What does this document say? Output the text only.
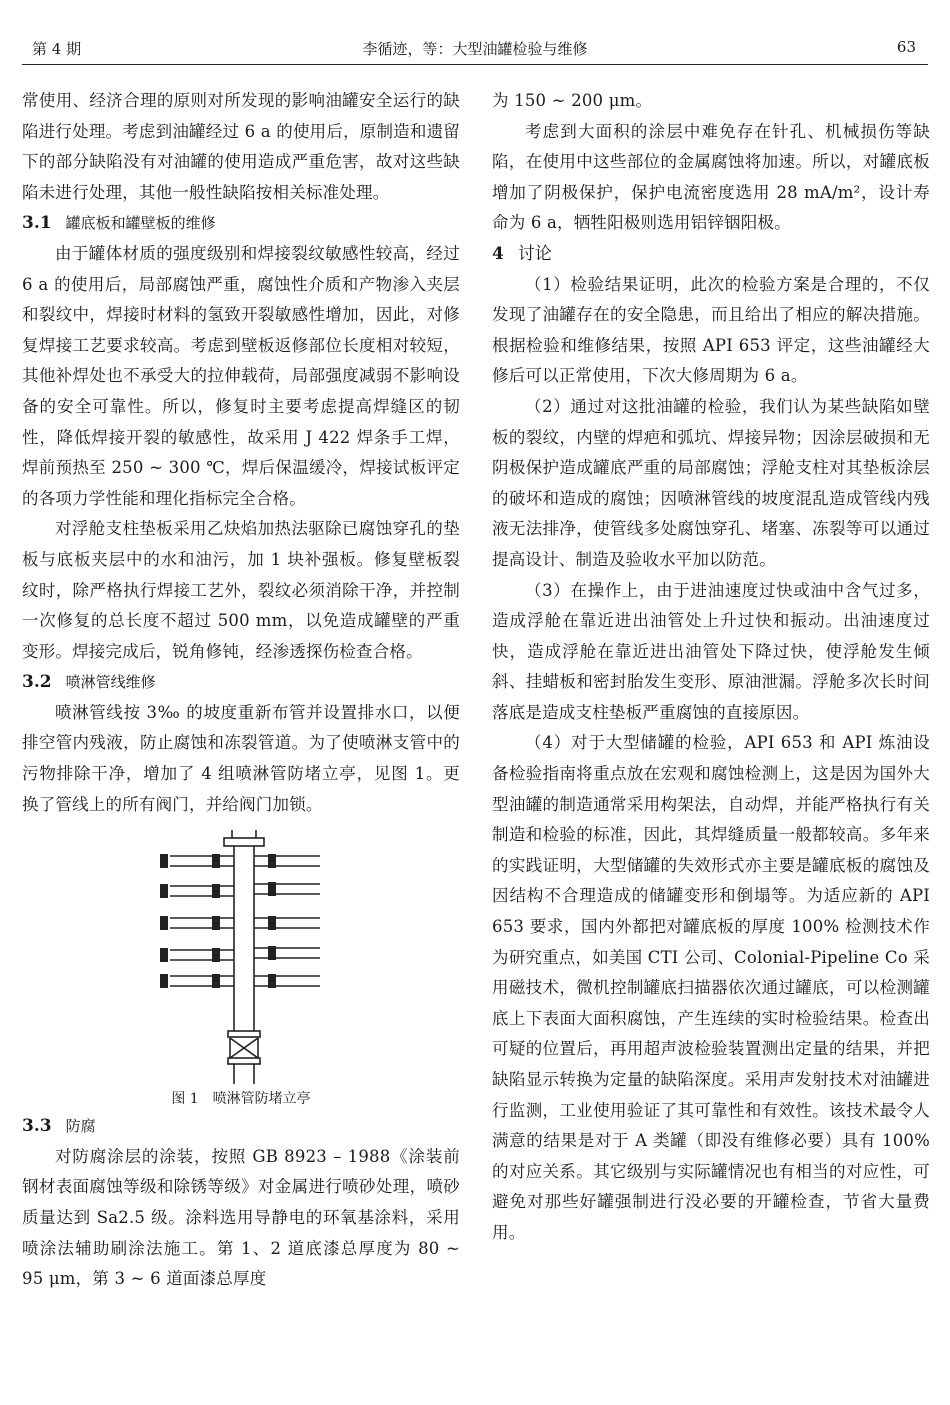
第 4 期	李循迹，等：大型油罐检验与维修	63

常使用、经济合理的原则对所发现的影响油罐安全运行的缺陷进行处理。考虑到油罐经过 6 a 的使用后，原制造和遗留下的部分缺陷没有对油罐的使用造成严重危害，故对这些缺陷未进行处理，其他一般性缺陷按相关标准处理。

3.1 罐底板和罐壁板的维修

由于罐体材质的强度级别和焊接裂纹敏感性较高，经过 6 a 的使用后，局部腐蚀严重，腐蚀性介质和产物渗入夹层和裂纹中，焊接时材料的氢致开裂敏感性增加，因此，对修复焊接工艺要求较高。考虑到壁板返修部位长度相对较短，其他补焊处也不承受大的拉伸载荷，局部强度减弱不影响设备的安全可靠性。所以，修复时主要考虑提高焊缝区的韧性，降低焊接开裂的敏感性，故采用 J 422 焊条手工焊，焊前预热至 250 ~ 300 ℃，焊后保温缓冷，焊接试板评定的各项力学性能和理化指标完全合格。

对浮舱支柱垫板采用乙炔焰加热法驱除已腐蚀穿孔的垫板与底板夹层中的水和油污，加 1 块补强板。修复壁板裂纹时，除严格执行焊接工艺外，裂纹必须消除干净，并控制一次修复的总长度不超过 500 mm，以免造成罐壁的严重变形。焊接完成后，锐角修钝，经渗透探伤检查合格。

3.2 喷淋管线维修

喷淋管线按 3‰ 的坡度重新布管并设置排水口，以便排空管内残液，防止腐蚀和冻裂管道。为了使喷淋支管中的污物排除干净，增加了 4 组喷淋管防堵立亭，见图 1。更换了管线上的所有阀门，并给阀门加锁。

图 1 喷淋管防堵立亭
3.3 防腐

对防腐涂层的涂装，按照 GB 8923 – 1988《涂装前钢材表面腐蚀等级和除锈等级》对金属进行喷砂处理，喷砂质量达到 Sa2.5 级。涂料选用导静电的环氧基涂料，采用喷涂法辅助刷涂法施工。第 1、2 道底漆总厚度为 80 ~ 95 μm，第 3 ~ 6 道面漆总厚度

为 150 ~ 200 μm。

考虑到大面积的涂层中难免存在针孔、机械损伤等缺陷，在使用中这些部位的金属腐蚀将加速。所以，对罐底板增加了阴极保护，保护电流密度选用 28 mA/m²，设计寿命为 6 a，牺牲阳极则选用铝锌铟阳极。

4 讨论

（1）检验结果证明，此次的检验方案是合理的，不仅发现了油罐存在的安全隐患，而且给出了相应的解决措施。根据检验和维修结果，按照 API 653 评定，这些油罐经大修后可以正常使用，下次大修周期为 6 a。

（2）通过对这批油罐的检验，我们认为某些缺陷如壁板的裂纹，内壁的焊疤和弧坑、焊接异物；因涂层破损和无阴极保护造成罐底严重的局部腐蚀；浮舱支柱对其垫板涂层的破坏和造成的腐蚀；因喷淋管线的坡度混乱造成管线内残液无法排净，使管线多处腐蚀穿孔、堵塞、冻裂等可以通过提高设计、制造及验收水平加以防范。

（3）在操作上，由于进油速度过快或油中含气过多，造成浮舱在靠近进出油管处上升过快和振动。出油速度过快，造成浮舱在靠近进出油管处下降过快，使浮舱发生倾斜、挂蜡板和密封胎发生变形、原油泄漏。浮舱多次长时间落底是造成支柱垫板严重腐蚀的直接原因。

（4）对于大型储罐的检验，API 653 和 API 炼油设备检验指南将重点放在宏观和腐蚀检测上，这是因为国外大型油罐的制造通常采用构架法，自动焊，并能严格执行有关制造和检验的标准，因此，其焊缝质量一般都较高。多年来的实践证明，大型储罐的失效形式亦主要是罐底板的腐蚀及因结构不合理造成的储罐变形和倒塌等。为适应新的 API 653 要求，国内外都把对罐底板的厚度 100% 检测技术作为研究重点，如美国 CTI 公司、Colonial-Pipeline Co 采用磁技术，微机控制罐底扫描器依次通过罐底，可以检测罐底上下表面大面积腐蚀，产生连续的实时检验结果。检查出可疑的位置后，再用超声波检验装置测出定量的结果，并把缺陷显示转换为定量的缺陷深度。采用声发射技术对油罐进行监测，工业使用验证了其可靠性和有效性。该技术最令人满意的结果是对于 A 类罐（即没有维修必要）具有 100% 的对应关系。其它级别与实际罐情况也有相当的对应性，可避免对那些好罐强制进行没必要的开罐检查，节省大量费用。
